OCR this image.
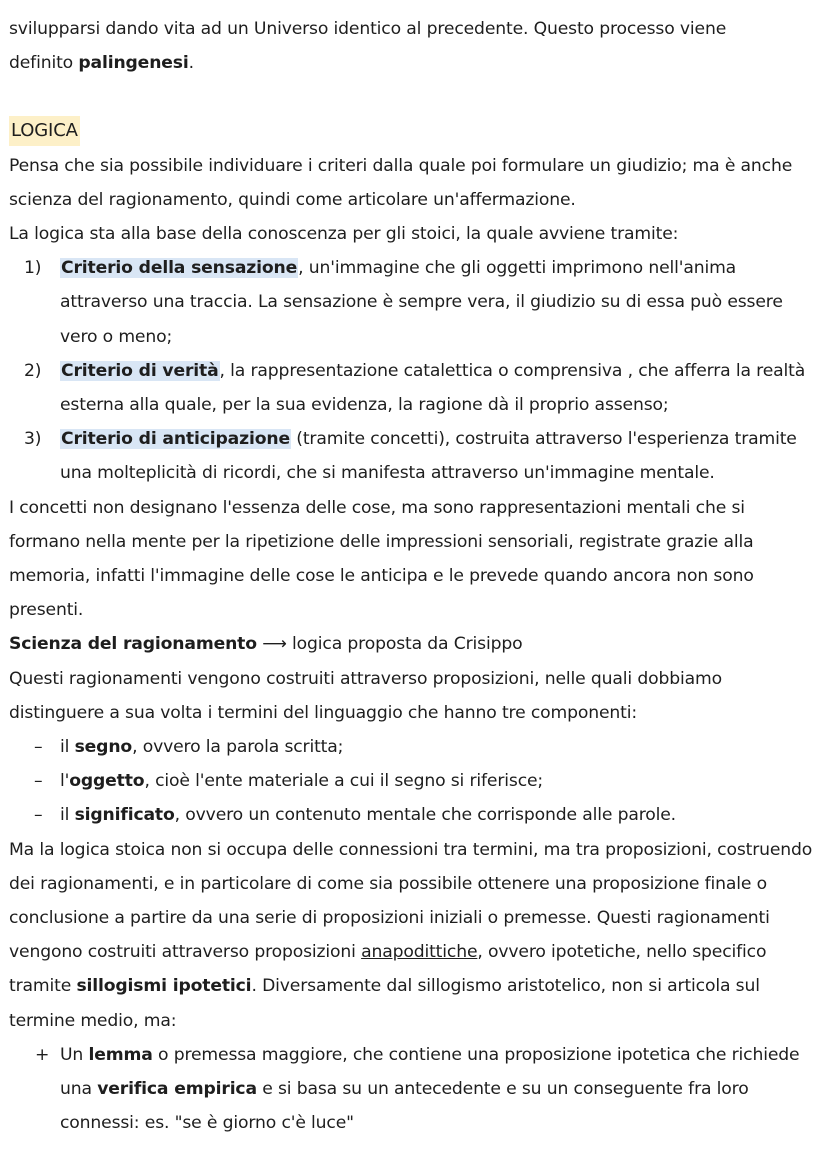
svilupparsi dando vita ad un Universo identico al precedente. Questo processo viene
definito palingenesi.

LOGICA

Pensa che sia possibile individuare i criteri dalla quale poi formulare un giudizio; ma è anche scienza del ragionamento, quindi come articolare un'affermazione.

La logica sta alla base della conoscenza per gli stoici, la quale avviene tramite:

1) Criterio della sensazione, un'immagine che gli oggetti imprimono nell'anima attraverso una traccia. La sensazione è sempre vera, il giudizio su di essa può essere vero o meno;
2) Criterio di verità, la rappresentazione catalettica o comprensiva , che afferra la realtà esterna alla quale, per la sua evidenza, la ragione dà il proprio assenso;
3) Criterio di anticipazione (tramite concetti), costruita attraverso l'esperienza tramite una molteplicità di ricordi, che si manifesta attraverso un'immagine mentale.

I concetti non designano l'essenza delle cose, ma sono rappresentazioni mentali che si formano nella mente per la ripetizione delle impressioni sensoriali, registrate grazie alla memoria, infatti l'immagine delle cose le anticipa e le prevede quando ancora non sono presenti.

Scienza del ragionamento ⟶ logica proposta da Crisippo

Questi ragionamenti vengono costruiti attraverso proposizioni, nelle quali dobbiamo distinguere a sua volta i termini del linguaggio che hanno tre componenti:

– il segno, ovvero la parola scritta;
– l'oggetto, cioè l'ente materiale a cui il segno si riferisce;
– il significato, ovvero un contenuto mentale che corrisponde alle parole.

Ma la logica stoica non si occupa delle connessioni tra termini, ma tra proposizioni, costruendo dei ragionamenti, e in particolare di come sia possibile ottenere una proposizione finale o conclusione a partire da una serie di proposizioni iniziali o premesse. Questi ragionamenti vengono costruiti attraverso proposizioni anapodittiche, ovvero ipotetiche, nello specifico tramite sillogismi ipotetici. Diversamente dal sillogismo aristotelico, non si articola sul termine medio, ma:

+ Un lemma o premessa maggiore, che contiene una proposizione ipotetica che richiede una verifica empirica e si basa su un antecedente e su un conseguente fra loro connessi: es. "se è giorno c'è luce"
